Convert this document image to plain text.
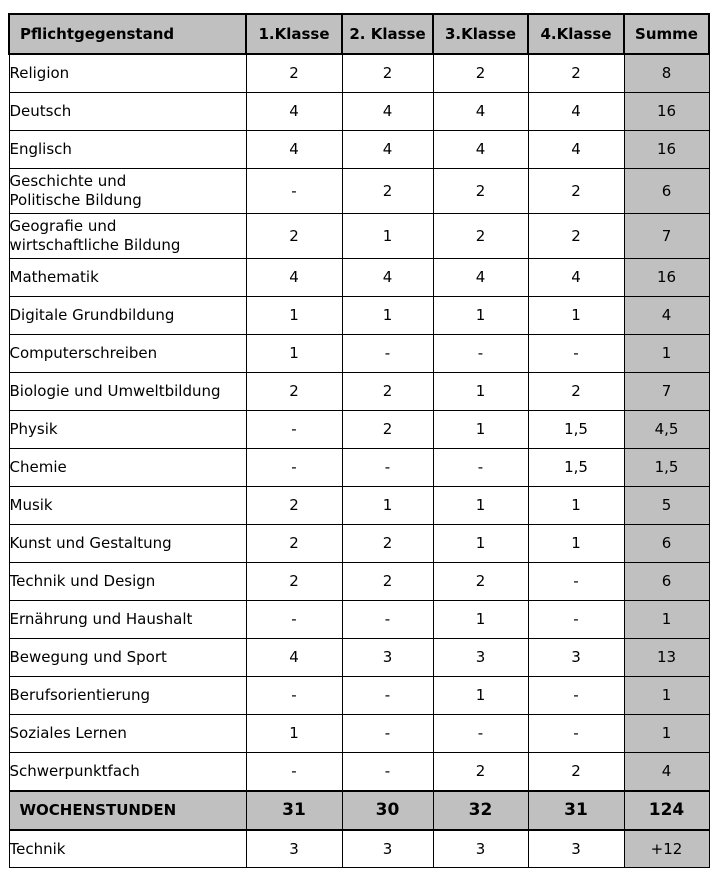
Pflichtgegenstand	1.Klasse	2. Klasse	3.Klasse	4.Klasse	Summe
Religion	2	2	2	2	8
Deutsch	4	4	4	4	16
Englisch	4	4	4	4	16
Geschichte und
Politische Bildung	-	2	2	2	6
Geografie und
wirtschaftliche Bildung	2	1	2	2	7
Mathematik	4	4	4	4	16
Digitale Grundbildung	1	1	1	1	4
Computerschreiben	1	-	-	-	1
Biologie und Umweltbildung	2	2	1	2	7
Physik	-	2	1	1,5	4,5
Chemie	-	-	-	1,5	1,5
Musik	2	1	1	1	5
Kunst und Gestaltung	2	2	1	1	6
Technik und Design	2	2	2	-	6
Ernährung und Haushalt	-	-	1	-	1
Bewegung und Sport	4	3	3	3	13
Berufsorientierung	-	-	1	-	1
Soziales Lernen	1	-	-	-	1
Schwerpunktfach	-	-	2	2	4
WOCHENSTUNDEN	31	30	32	31	124
Technik	3	3	3	3	+12
